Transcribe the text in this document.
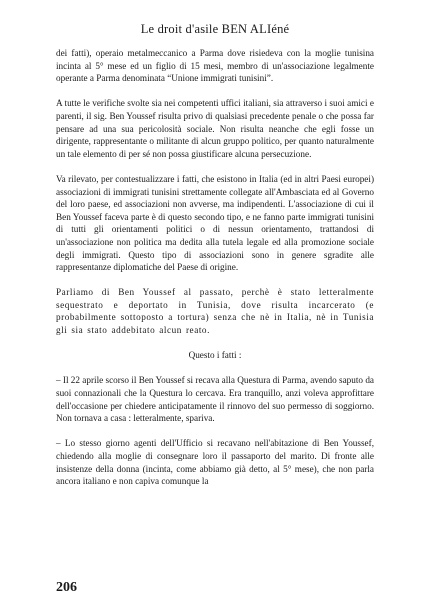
Le droit d'asile BEN ALIéné

dei fatti), operaio metalmeccanico a Parma dove risiedeva con la moglie tunisina incinta al 5° mese ed un figlio di 15 mesi, membro di un'associazione legalmente operante a Parma denominata “Unione immigrati tunisini”.

A tutte le verifiche svolte sia nei competenti uffici italiani, sia attraverso i suoi amici e parenti, il sig. Ben Youssef risulta privo di qualsiasi precedente penale o che possa far pensare ad una sua pericolosità sociale. Non risulta neanche che egli fosse un dirigente, rappresentante o militante di alcun gruppo politico, per quanto naturalmente un tale elemento di per sé non possa giustificare alcuna persecuzione.

Va rilevato, per contestualizzare i fatti, che esistono in Italia (ed in altri Paesi europei) associazioni di immigrati tunisini strettamente collegate all'Ambasciata ed al Governo del loro paese, ed associazioni non avverse, ma indipendenti. L'associazione di cui il Ben Youssef faceva parte è di questo secondo tipo, e ne fanno parte immigrati tunisini di tutti gli orientamenti politici o di nessun orientamento, trattandosi di un'associazione non politica ma dedita alla tutela legale ed alla promozione sociale degli immigrati. Questo tipo di associazioni sono in genere sgradite alle rappresentanze diplomatiche del Paese di origine.

Parliamo di Ben Youssef al passato, perchè è stato letteralmente sequestrato e deportato in Tunisia, dove risulta incarcerato (e probabilmente sottoposto a tortura) senza che nè in Italia, nè in Tunisia gli sia stato addebitato alcun reato.

Questo i fatti :

– Il 22 aprile scorso il Ben Youssef si recava alla Questura di Parma, avendo saputo da suoi connazionali che la Questura lo cercava. Era tranquillo, anzi voleva approfittare dell'occasione per chiedere anticipatamente il rinnovo del suo permesso di soggiorno. Non tornava a casa : letteralmente, spariva.

– Lo stesso giorno agenti dell'Ufficio si recavano nell'abitazione di Ben Youssef, chiedendo alla moglie di consegnare loro il passaporto del marito. Di fronte alle insistenze della donna (incinta, come abbiamo già detto, al 5° mese), che non parla ancora italiano e non capiva comunque la

206
